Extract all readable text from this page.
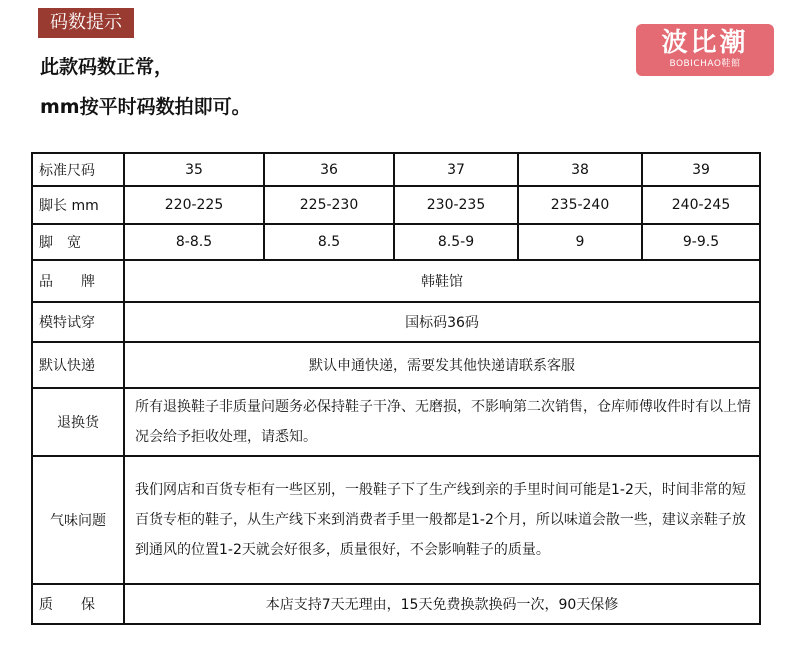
码数提示
此款码数正常，
mm按平时码数拍即可。
波比潮
BOBICHAO鞋館
标准尺码	35	36	37	38	39
脚长 mm	220-225	225-230	230-235	235-240	240-245
脚　宽	8-8.5	8.5	8.5-9	9	9-9.5
品　　牌	韩鞋馆				
模特试穿	国标码36码				
默认快递	默认申通快递，需要发其他快递请联系客服				
退换货	所有退换鞋子非质量问题务必保持鞋子干净、无磨损，不影响第二次销售，仓库师傅收件时有以上情况会给予拒收处理，请悉知。				
气味问题	我们网店和百货专柜有一些区别，一般鞋子下了生产线到亲的手里时间可能是1-2天，时间非常的短 百货专柜的鞋子，从生产线下来到消费者手里一般都是1-2个月，所以味道会散一些，建议亲鞋子放到通风的位置1-2天就会好很多，质量很好，不会影响鞋子的质量。				
质　　保	本店支持7天无理由，15天免费换款换码一次，90天保修				
